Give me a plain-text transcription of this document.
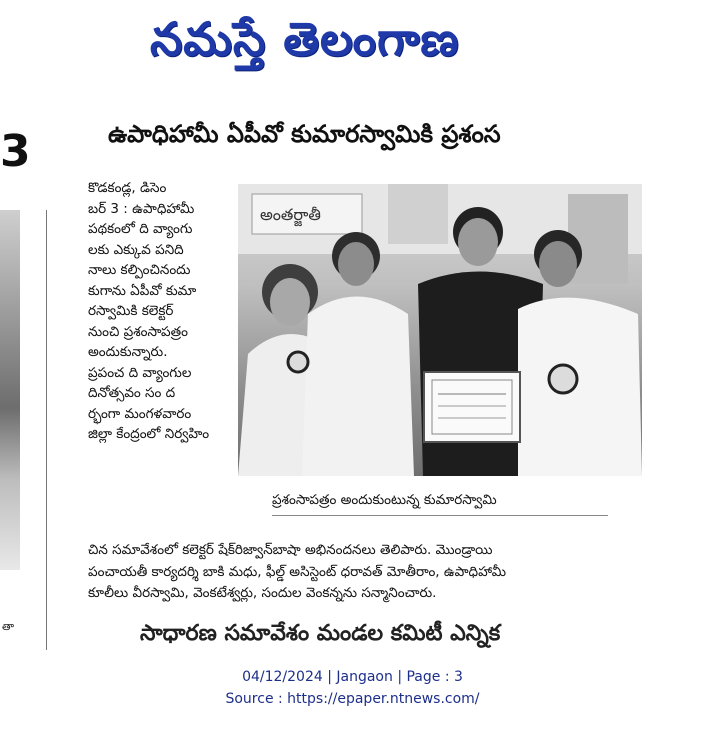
నమస్తే తెలంగాణ
3
తా
ఉపాధిహామీ ఏపీవో కుమారస్వామికి ప్రశంస
కొడకండ్ల, డిసెం
బర్ 3 : ఉపాధిహామీ
పథకంలో ది వ్యాంగు
లకు ఎక్కువ పనిది
నాలు కల్పించినందు
కుగాను ఏపీవో కుమా
రస్వామికి కలెక్టర్
నుంచి ప్రశంసాపత్రం
అందుకున్నారు.
ప్రపంచ ది వ్యాంగుల
దినోత్సవం సం ద
ర్భంగా మంగళవారం
జిల్లా కేంద్రంలో నిర్వహిం
అంతర్జాతీ
ప్రశంసాపత్రం అందుకుంటున్న కుమారస్వామి
చిన సమావేశంలో కలెక్టర్ షేక్‌రిజ్వాన్‌బాషా అభినందనలు తెలిపారు. మొండ్రాయి
పంచాయతీ కార్యదర్శి బాకి మధు, ఫీల్డ్ అసిస్టెంట్ ధరావత్ మోతీరాం, ఉపాధిహామీ
కూలీలు వీరస్వామి, వెంకటేశ్వర్లు, సందుల వెంకన్నను సన్మానించారు.
సాధారణ సమావేశం మండల కమిటీ ఎన్నిక
04/12/2024 | Jangaon | Page : 3
Source : https://epaper.ntnews.com/
